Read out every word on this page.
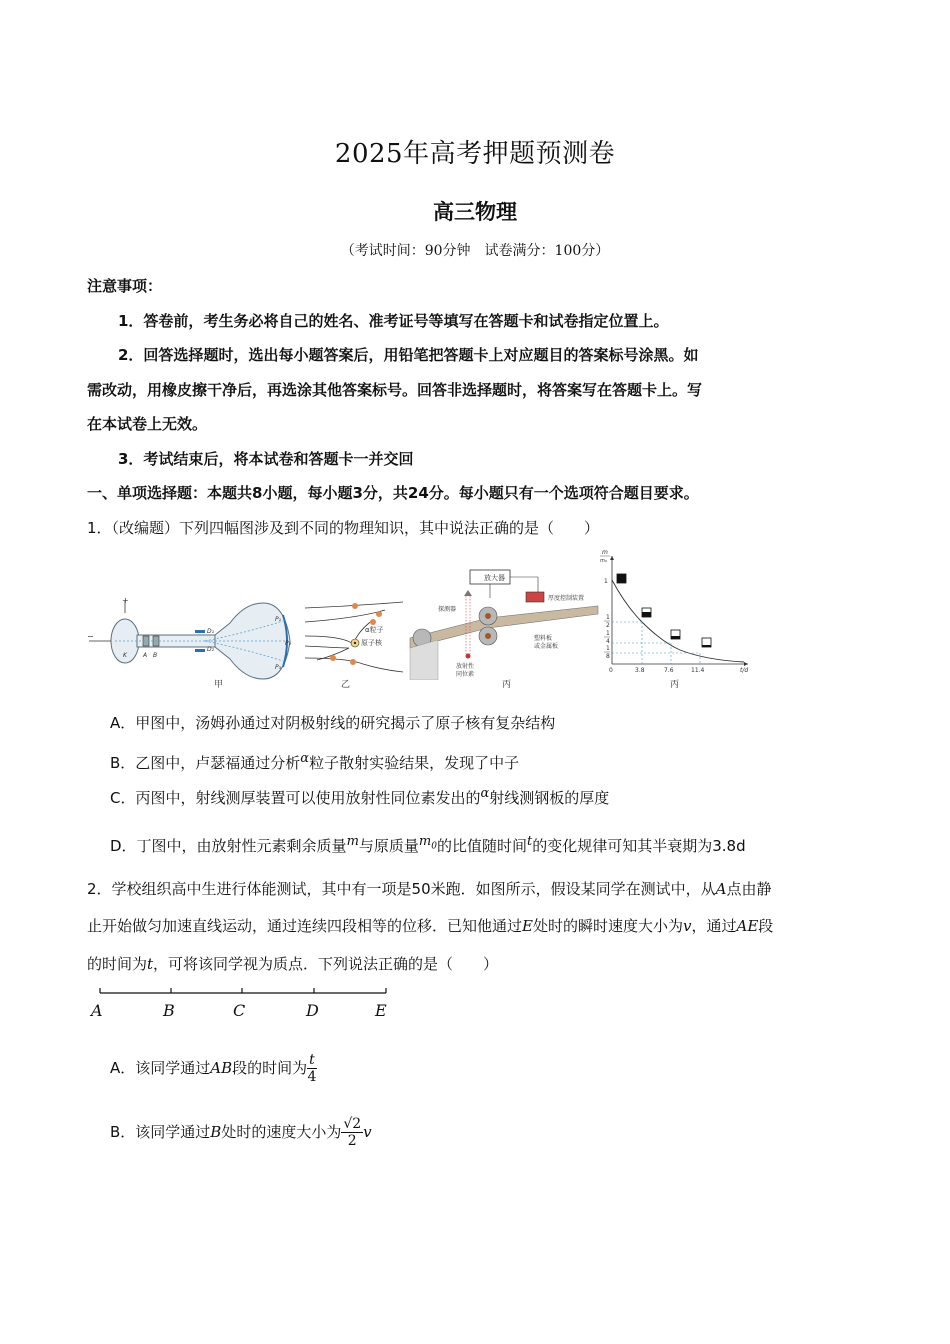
2025年高考押题预测卷
高三物理
（考试时间：90分钟　试卷满分：100分）
注意事项：
1．答卷前，考生务必将自己的姓名、准考证号等填写在答题卡和试卷指定位置上。
2．回答选择题时，选出每小题答案后，用铅笔把答题卡上对应题目的答案标号涂黑。如
需改动，用橡皮擦干净后，再选涂其他答案标号。回答非选择题时，将答案写在答题卡上。写
在本试卷上无效。
3．考试结束后，将本试卷和答题卡一并交回
一、单项选择题：本题共8小题，每小题3分，共24分。每小题只有一个选项符合题目要求。
1．（改编题）下列四幅图涉及到不同的物理知识，其中说法正确的是（　　）
+
−
K	A B
D₁
D₂
P₁
P₂
P₃
甲
α粒子
原子核
乙
放大器
探测器
厚度控制装置
塑料板
或金属板
放射性
同位素
丙
m
m₀
1
1
2
1
4
1
8
0	3.8	7.6	11.4	t/d
丙
A．甲图中，汤姆孙通过对阴极射线的研究揭示了原子核有复杂结构
B．乙图中，卢瑟福通过分析$^\alpha$粒子散射实验结果，发现了中子
C．丙图中，射线测厚装置可以使用放射性同位素发出的$^\alpha$射线测钢板的厚度
D．丁图中，由放射性元素剩余质量$^m$与原质量$^{m_0}$的比值随时间$^t$的变化规律可知其半衰期为3.8d
2．学校组织高中生进行体能测试，其中有一项是50米跑．如图所示，假设某同学在测试中，从A点由静
止开始做匀加速直线运动，通过连续四段相等的位移．已知他通过E处时的瞬时速度大小为v，通过AE段
的时间为t，可将该同学视为质点．下列说法正确的是（　　）
A	B	C	D	E
A．该同学通过AB段的时间为 $\frac{t}{4}$
B．该同学通过B处时的速度大小为 $\frac{√2}{2}$ v
